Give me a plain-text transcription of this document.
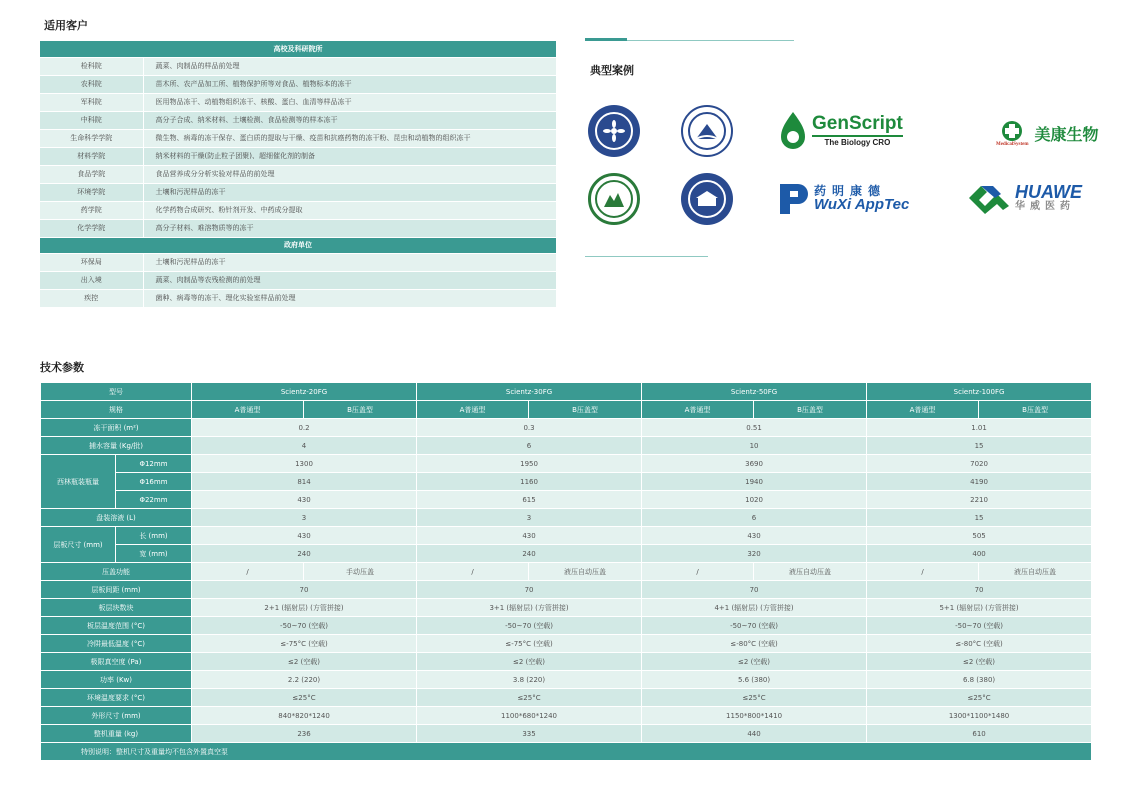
适用客户
高校及科研院所	
检科院	蔬菜、肉制品的样品前处理
农科院	苗木所、农产品加工所、植物保护所等对食品、植物标本的冻干
军科院	医用物品冻干、动植物组织冻干、核酸、蛋白、血清等样品冻干
中科院	高分子合成、纳米材料、土壤检测、食品检测等的样本冻干
生命科学学院	微生物、病毒的冻干保存、蛋白质的提取与干燥、疫苗和抗癌药物的冻干粉、昆虫和动植物的组织冻干
材料学院	纳米材料的干燥(防止粒子团聚)、超细催化剂的制备
食品学院	食品营养成分分析实验对样品的前处理
环境学院	土壤和污泥样品的冻干
药学院	化学药物合成研究、粉针剂开发、中药成分提取
化学学院	高分子材料、难溶物质等的冻干
政府单位	
环保局	土壤和污泥样品的冻干
出入境	蔬菜、肉制品等农残检测的前处理
疾控	菌种、病毒等的冻干、理化实验室样品前处理
典型案例
GenScript
The Biology CRO	MedicalSystem
美康生物
药明康德
WuXi AppTec
HUAWE
华威医药
技术参数
型号		Scientz-20FG		Scientz-30FG		Scientz-50FG		Scientz-100FG	
规格		A普通型	B压盖型	A普通型	B压盖型	A普通型	B压盖型	A普通型	B压盖型
冻干面积 (m²)		0.2		0.3		0.51		1.01	
捕水容量 (Kg/批)		4		6		10		15	
西林瓶装瓶量	Φ12mm	1300		1950		3690		7020	
	Φ16mm	814		1160		1940		4190	
	Φ22mm	430		615		1020		2210	
盘装溶液 (L)		3		3		6		15	
层板尺寸 (mm)	长 (mm)	430		430		430		505	
	宽 (mm)	240		240		320		400	
压盖功能		/	手动压盖	/	液压自动压盖	/	液压自动压盖	/	液压自动压盖
层板间距 (mm)		70		70		70		70	
板层块数块		2+1 (辐射层) (方管拼接)		3+1 (辐射层) (方管拼接)		4+1 (辐射层) (方管拼接)		5+1 (辐射层) (方管拼接)	
板层温度范围 (°C)		-50~70 (空载)		-50~70 (空载)		-50~70 (空载)		-50~70 (空载)	
冷阱最低温度 (°C)		≤-75°C (空载)		≤-75°C (空载)		≤-80°C (空载)		≤-80°C (空载)	
极限真空度 (Pa)		≤2 (空载)		≤2 (空载)		≤2 (空载)		≤2 (空载)	
功率 (Kw)		2.2 (220)		3.8 (220)		5.6 (380)		6.8 (380)	
环境温度要求 (°C)		≤25°C		≤25°C		≤25°C		≤25°C	
外形尺寸 (mm)		840*820*1240		1100*680*1240		1150*800*1410		1300*1100*1480	
整机重量 (kg)		236		335		440		610	
特别说明：整机尺寸及重量均不包含外置真空泵									
